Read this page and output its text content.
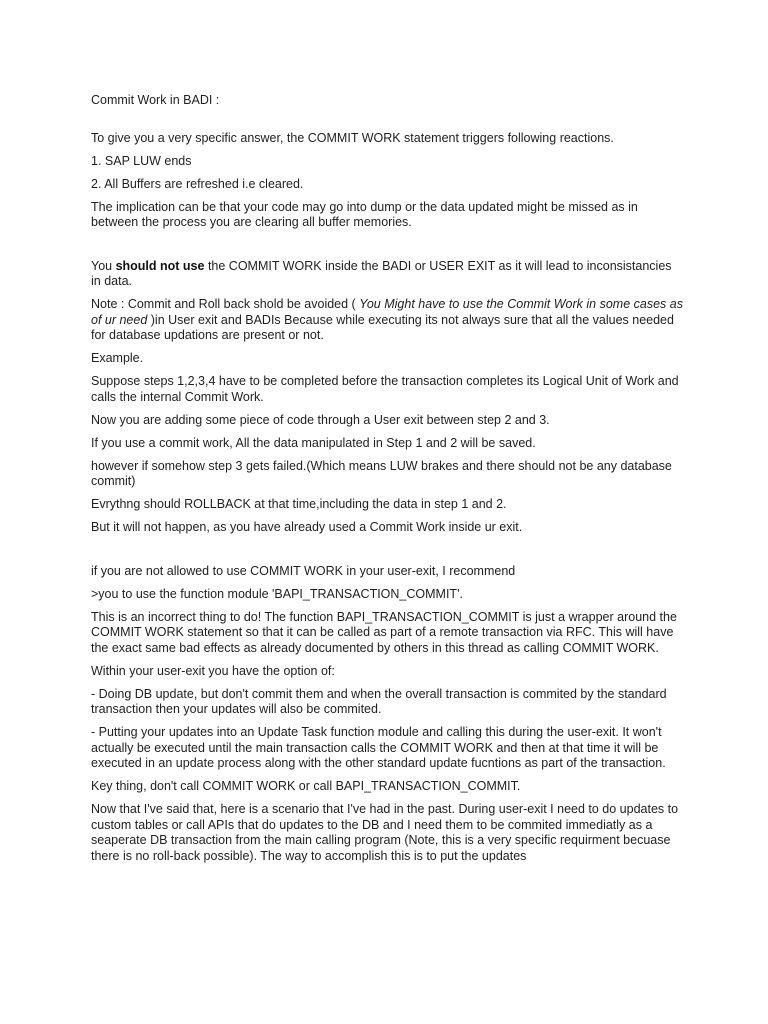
Commit Work in BADI :

To give you a very specific answer, the COMMIT WORK statement triggers following reactions.

1. SAP LUW ends

2. All Buffers are refreshed i.e cleared.

The implication can be that your code may go into dump or the data updated might be missed as in between the process you are clearing all buffer memories.

You should not use the COMMIT WORK inside the BADI or USER EXIT as it will lead to inconsistancies in data.

Note : Commit and Roll back shold be avoided ( You Might have to use the Commit Work in some cases as of ur need )in User exit and BADIs Because while executing its not always sure that all the values needed for database updations are present or not.

Example.

Suppose steps 1,2,3,4 have to be completed before the transaction completes its Logical Unit of Work and calls the internal Commit Work.

Now you are adding some piece of code through a User exit between step 2 and 3.

If you use a commit work, All the data manipulated in Step 1 and 2 will be saved.

however if somehow step 3 gets failed.(Which means LUW brakes and there should not be any database commit)

Evrythng should ROLLBACK at that time,including the data in step 1 and 2.

But it will not happen, as you have already used a Commit Work inside ur exit.

if you are not allowed to use COMMIT WORK in your user-exit, I recommend

>you to use the function module 'BAPI_TRANSACTION_COMMIT'.

This is an incorrect thing to do! The function BAPI_TRANSACTION_COMMIT is just a wrapper around the COMMIT WORK statement so that it can be called as part of a remote transaction via RFC. This will have the exact same bad effects as already documented by others in this thread as calling COMMIT WORK.

Within your user-exit you have the option of:

- Doing DB update, but don't commit them and when the overall transaction is commited by the standard transaction then your updates will also be commited.

- Putting your updates into an Update Task function module and calling this during the user-exit. It won't actually be executed until the main transaction calls the COMMIT WORK and then at that time it will be executed in an update process along with the other standard update fucntions as part of the transaction.

Key thing, don't call COMMIT WORK or call BAPI_TRANSACTION_COMMIT.

Now that I've said that, here is a scenario that I've had in the past. During user-exit I need to do updates to custom tables or call APIs that do updates to the DB and I need them to be commited immediatly as a seaperate DB transaction from the main calling program (Note, this is a very specific requirment becuase there is no roll-back possible). The way to accomplish this is to put the updates
